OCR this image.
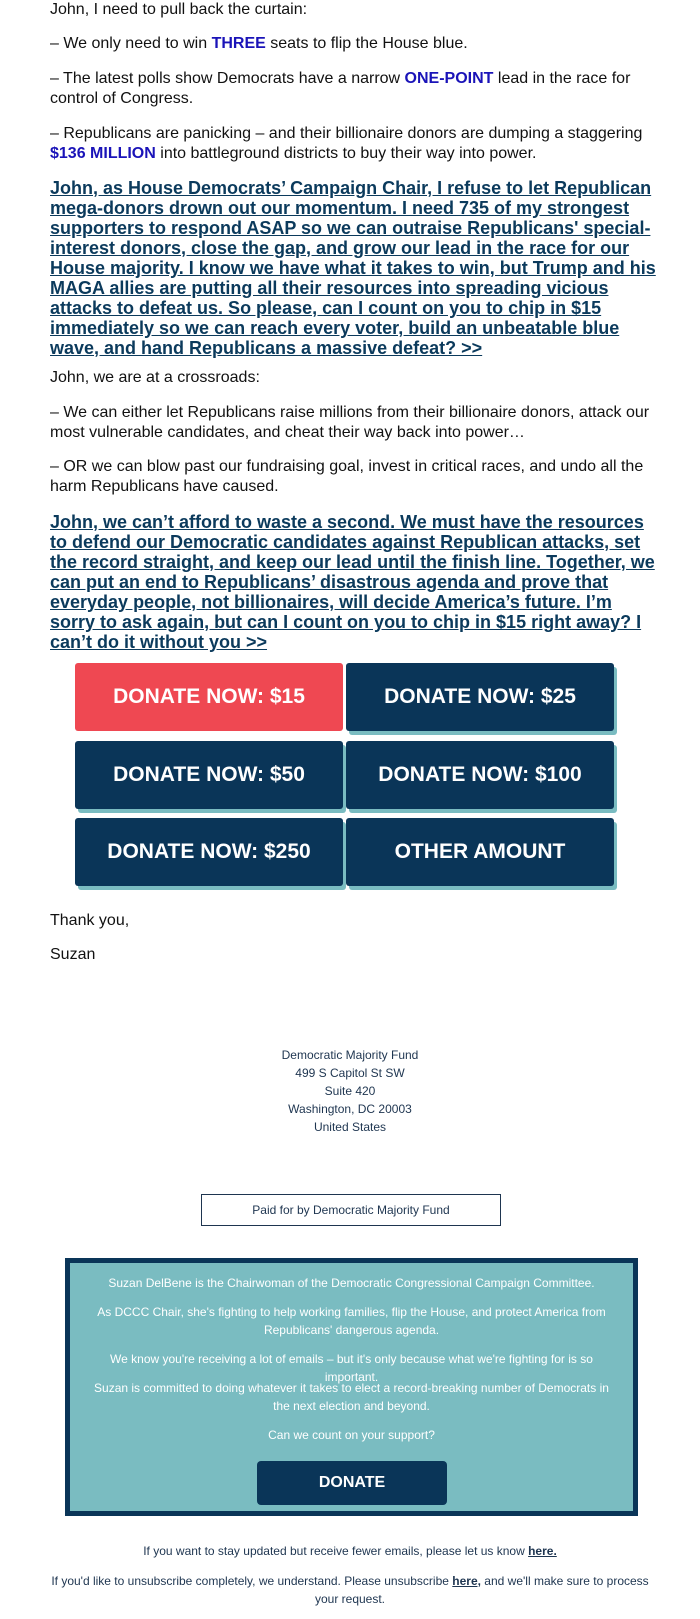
John, I need to pull back the curtain:

– We only need to win THREE seats to flip the House blue.

– The latest polls show Democrats have a narrow ONE-POINT lead in the race for control of Congress.

– Republicans are panicking – and their billionaire donors are dumping a staggering $136 MILLION into battleground districts to buy their way into power.

John, as House Democrats’ Campaign Chair, I refuse to let Republican mega-donors drown out our momentum. I need 735 of my strongest supporters to respond ASAP so we can outraise Republicans' special-interest donors, close the gap, and grow our lead in the race for our House majority. I know we have what it takes to win, but Trump and his MAGA allies are putting all their resources into spreading vicious attacks to defeat us. So please, can I count on you to chip in $15 immediately so we can reach every voter, build an unbeatable blue wave, and hand Republicans a massive defeat? >>

John, we are at a crossroads:

– We can either let Republicans raise millions from their billionaire donors, attack our most vulnerable candidates, and cheat their way back into power…

– OR we can blow past our fundraising goal, invest in critical races, and undo all the harm Republicans have caused.

John, we can’t afford to waste a second. We must have the resources to defend our Democratic candidates against Republican attacks, set the record straight, and keep our lead until the finish line. Together, we can put an end to Republicans’ disastrous agenda and prove that everyday people, not billionaires, will decide America’s future. I’m sorry to ask again, but can I count on you to chip in $15 right away? I can’t do it without you >>

DONATE NOW: $15	DONATE NOW: $25
DONATE NOW: $50	DONATE NOW: $100
DONATE NOW: $250	OTHER AMOUNT

Thank you,

Suzan

Democratic Majority Fund
499 S Capitol St SW
Suite 420
Washington, DC 20003
United States
Paid for by Democratic Majority Fund

Suzan DelBene is the Chairwoman of the Democratic Congressional Campaign Committee.

As DCCC Chair, she's fighting to help working families, flip the House, and protect America from Republicans' dangerous agenda.

We know you're receiving a lot of emails – but it's only because what we're fighting for is so important.

Suzan is committed to doing whatever it takes to elect a record-breaking number of Democrats in the next election and beyond.

Can we count on your support?

DONATE
If you want to stay updated but receive fewer emails, please let us know here.
If you'd like to unsubscribe completely, we understand. Please unsubscribe here, and we'll make sure to process your request.
